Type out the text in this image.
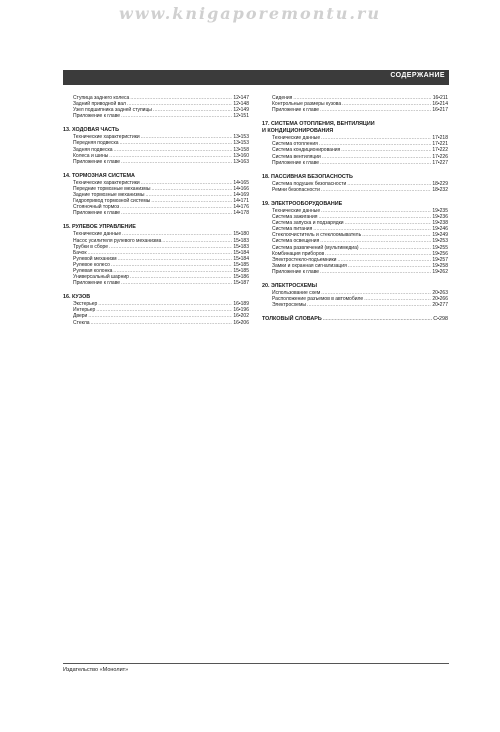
www.knigaporemontu.ru
СОДЕРЖАНИЕ
Ступица заднего колеса .....	12•147
Задний приводной вал .....	12•148
Узел подшипника задней ступицы .....	12•149
Приложение к главе .....	12•151
13. ХОДОВАЯ ЧАСТЬ
Технические характеристики .....	13•153
Передняя подвеска .....	13•153
Задняя подвеска .....	13•158
Колеса и шины .....	13•160
Приложение к главе .....	13•163
14. ТОРМОЗНАЯ СИСТЕМА
Технические характеристики .....	14•165
Передние тормозные механизмы .....	14•166
Задние тормозные механизмы .....	14•169
Гидропривод тормозной системы .....	14•171
Стояночный тормоз .....	14•176
Приложение к главе .....	14•178
15. РУЛЕВОЕ УПРАВЛЕНИЕ
Технические данные .....	15•180
Насос усилителя рулевого механизма .....	15•183
Трубки в сборе .....	15•183
Бачок .....	15•184
Рулевой механизм .....	15•184
Рулевое колесо .....	15•185
Рулевая колонка .....	15•185
Универсальный шарнир .....	15•186
Приложение к главе .....	15•187
16. КУЗОВ
Экстерьер .....	16•189
Интерьер .....	16•196
Двери .....	16•202
Стекла .....	16•206
Сидения .....	16•211
Контрольные размеры кузова .....	16•214
Приложение к главе .....	16•217
17. СИСТЕМА ОТОПЛЕНИЯ, ВЕНТИЛЯЦИИ
И КОНДИЦИОНИРОВАНИЯ
Технические данные .....	17•218
Система отопления .....	17•221
Система кондиционирования .....	17•222
Система вентиляции .....	17•226
Приложение к главе .....	17•227
18. ПАССИВНАЯ БЕЗОПАСНОСТЬ
Система подушек безопасности .....	18•229
Ремни безопасности .....	18•232
19. ЭЛЕКТРООБОРУДОВАНИЕ
Технические данные .....	19•235
Система зажигания .....	19•236
Система запуска и подзарядки .....	19•238
Система питания .....	19•246
Стеклоочиститель и стеклоомыватель .....	19•249
Система освещения .....	19•253
Система развлечений (мультимедиа) .....	19•255
Комбинация приборов .....	19•256
Электростекло-подъемники .....	19•257
Замки и охранная сигнализация .....	19•258
Приложение к главе .....	19•262
20. ЭЛЕКТРОСХЕМЫ
Использование схем .....	20•263
Расположение разъемов в автомобиле .....	20•266
Электросхемы .....	20•277
ТОЛКОВЫЙ СЛОВАРЬ .....	С•298
Издательство «Монолит»
